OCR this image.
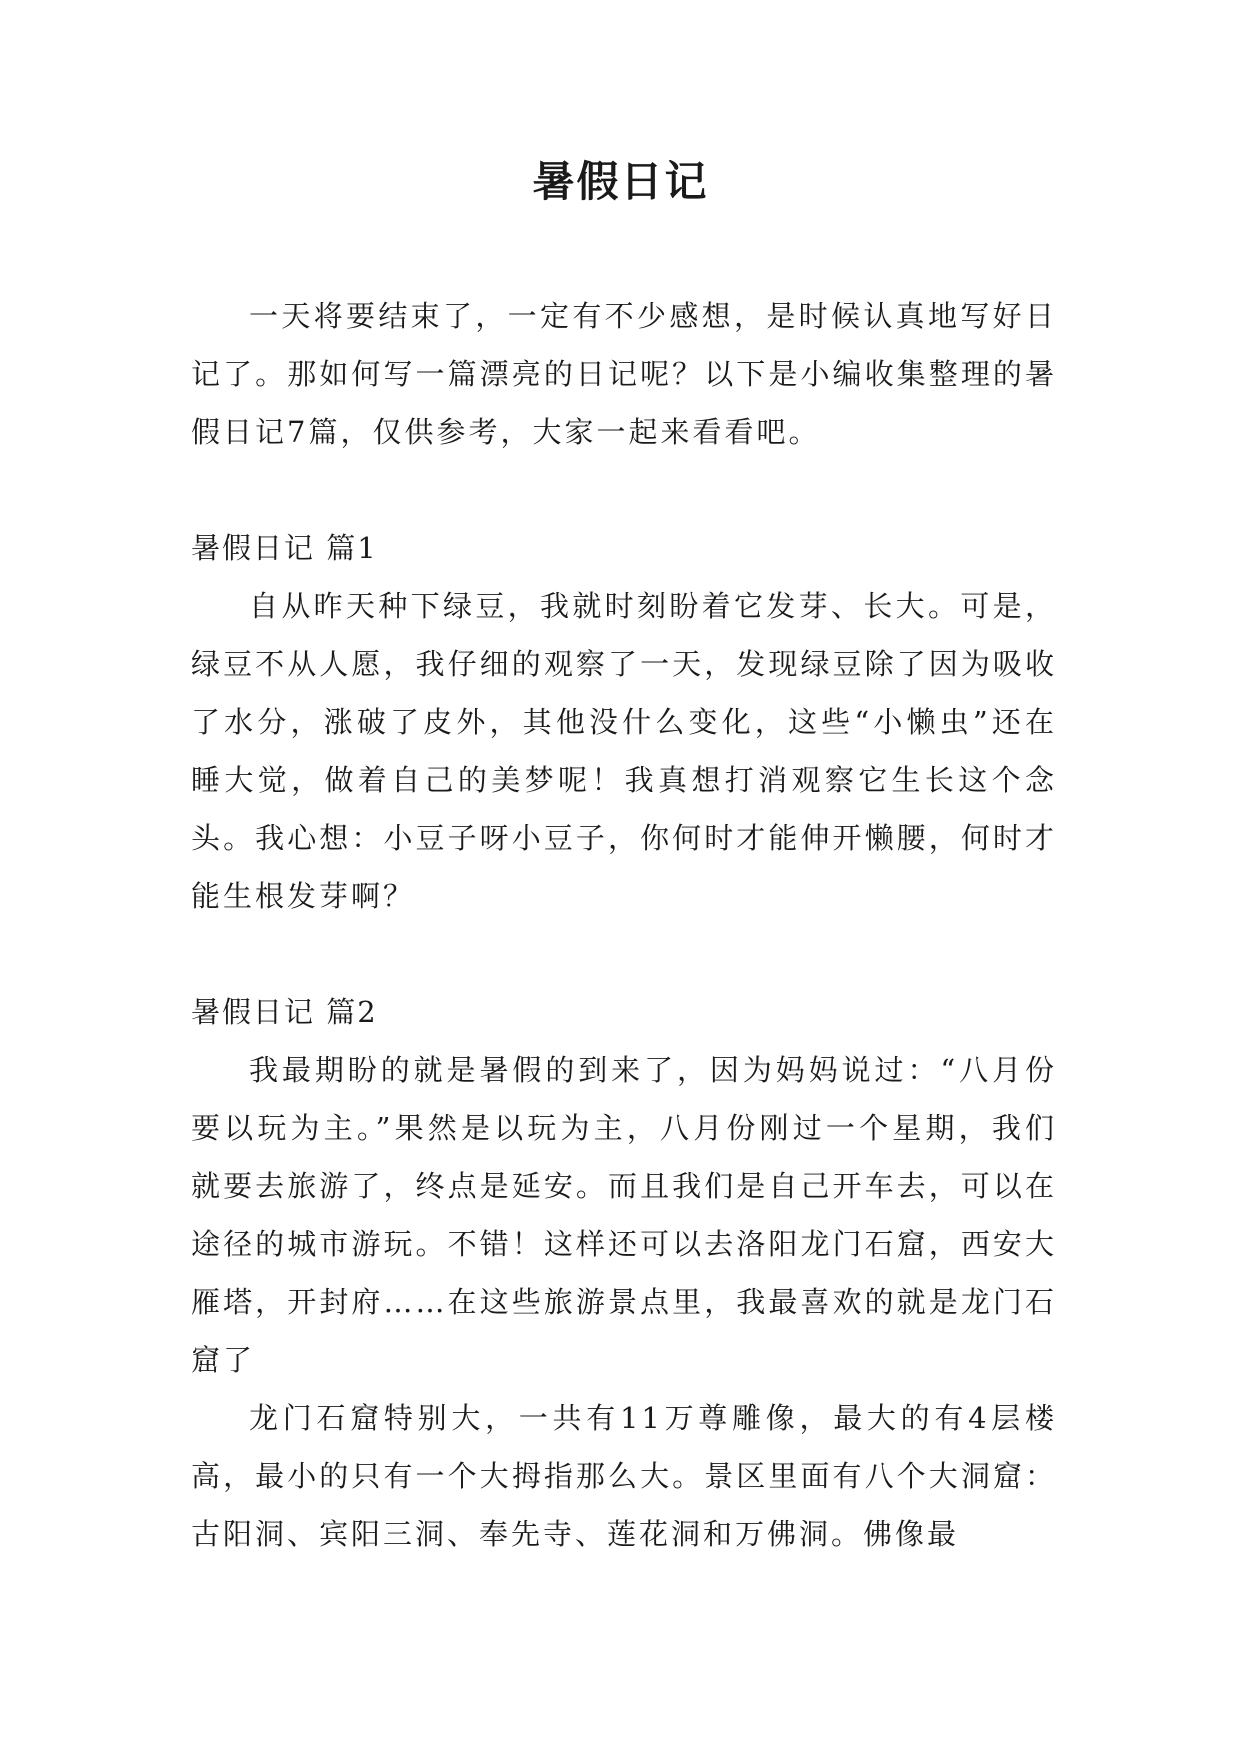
暑假日记

一天将要结束了，一定有不少感想，是时候认真地写好日记了。那如何写一篇漂亮的日记呢？以下是小编收集整理的暑假日记7篇，仅供参考，大家一起来看看吧。

暑假日记 篇1

自从昨天种下绿豆，我就时刻盼着它发芽、长大。可是，绿豆不从人愿，我仔细的观察了一天，发现绿豆除了因为吸收了水分，涨破了皮外，其他没什么变化，这些“小懒虫”还在睡大觉，做着自己的美梦呢！我真想打消观察它生长这个念头。我心想：小豆子呀小豆子，你何时才能伸开懒腰，何时才能生根发芽啊？

暑假日记 篇2

我最期盼的就是暑假的到来了，因为妈妈说过：“八月份要以玩为主。”果然是以玩为主，八月份刚过一个星期，我们就要去旅游了，终点是延安。而且我们是自己开车去，可以在途径的城市游玩。不错！这样还可以去洛阳龙门石窟，西安大雁塔，开封府……在这些旅游景点里，我最喜欢的就是龙门石窟了

龙门石窟特别大，一共有11万尊雕像，最大的有4层楼高，最小的只有一个大拇指那么大。景区里面有八个大洞窟：古阳洞、宾阳三洞、奉先寺、莲花洞和万佛洞。佛像最
